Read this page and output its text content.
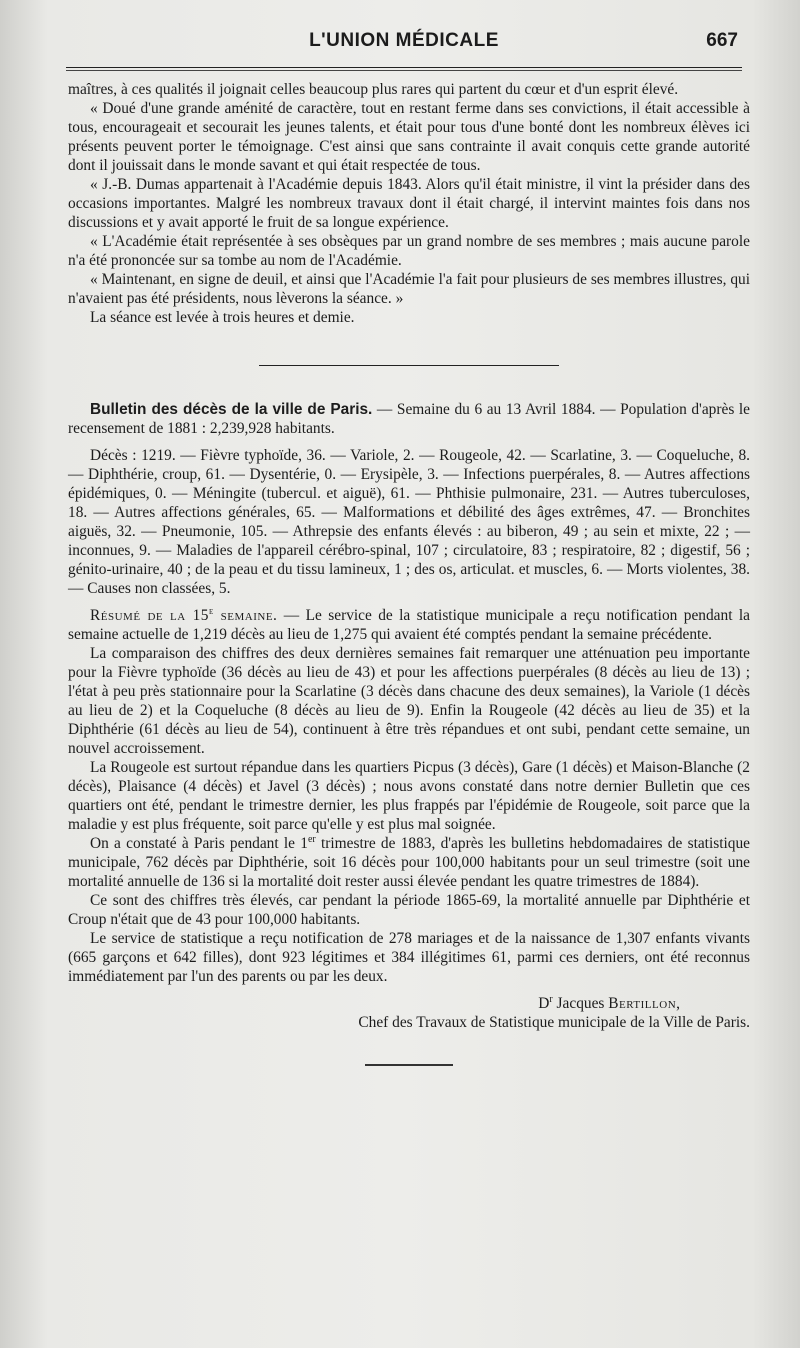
L'UNION MÉDICALE	667

maîtres, à ces qualités il joignait celles beaucoup plus rares qui partent du cœur et d'un esprit élevé.

« Doué d'une grande aménité de caractère, tout en restant ferme dans ses convictions, il était accessible à tous, encourageait et secourait les jeunes talents, et était pour tous d'une bonté dont les nombreux élèves ici présents peuvent porter le témoignage. C'est ainsi que sans contrainte il avait conquis cette grande autorité dont il jouissait dans le monde savant et qui était respectée de tous.

« J.-B. Dumas appartenait à l'Académie depuis 1843. Alors qu'il était ministre, il vint la présider dans des occasions importantes. Malgré les nombreux travaux dont il était chargé, il intervint maintes fois dans nos discussions et y avait apporté le fruit de sa longue expérience.

« L'Académie était représentée à ses obsèques par un grand nombre de ses membres ; mais aucune parole n'a été prononcée sur sa tombe au nom de l'Académie.

« Maintenant, en signe de deuil, et ainsi que l'Académie l'a fait pour plusieurs de ses membres illustres, qui n'avaient pas été présidents, nous lèverons la séance. »

La séance est levée à trois heures et demie.

Bulletin des décès de la ville de Paris. — Semaine du 6 au 13 Avril 1884. — Population d'après le recensement de 1881 : 2,239,928 habitants.

Décès : 1219. — Fièvre typhoïde, 36. — Variole, 2. — Rougeole, 42. — Scarlatine, 3. — Coqueluche, 8. — Diphthérie, croup, 61. — Dysentérie, 0. — Erysipèle, 3. — Infections puerpérales, 8. — Autres affections épidémiques, 0. — Méningite (tubercul. et aiguë), 61. — Phthisie pulmonaire, 231. — Autres tuberculoses, 18. — Autres affections générales, 65. — Malformations et débilité des âges extrêmes, 47. — Bronchites aiguës, 32. — Pneumonie, 105. — Athrepsie des enfants élevés : au biberon, 49 ; au sein et mixte, 22 ; — inconnues, 9. — Maladies de l'appareil cérébro-spinal, 107 ; circulatoire, 83 ; respiratoire, 82 ; digestif, 56 ; génito-urinaire, 40 ; de la peau et du tissu lamineux, 1 ; des os, articulat. et muscles, 6. — Morts violentes, 38. — Causes non classées, 5.

Résumé de la 15e semaine. — Le service de la statistique municipale a reçu notification pendant la semaine actuelle de 1,219 décès au lieu de 1,275 qui avaient été comptés pendant la semaine précédente.

La comparaison des chiffres des deux dernières semaines fait remarquer une atténuation peu importante pour la Fièvre typhoïde (36 décès au lieu de 43) et pour les affections puerpérales (8 décès au lieu de 13) ; l'état à peu près stationnaire pour la Scarlatine (3 décès dans chacune des deux semaines), la Variole (1 décès au lieu de 2) et la Coqueluche (8 décès au lieu de 9). Enfin la Rougeole (42 décès au lieu de 35) et la Diphthérie (61 décès au lieu de 54), continuent à être très répandues et ont subi, pendant cette semaine, un nouvel accroissement.

La Rougeole est surtout répandue dans les quartiers Picpus (3 décès), Gare (1 décès) et Maison-Blanche (2 décès), Plaisance (4 décès) et Javel (3 décès) ; nous avons constaté dans notre dernier Bulletin que ces quartiers ont été, pendant le trimestre dernier, les plus frappés par l'épidémie de Rougeole, soit parce que la maladie y est plus fréquente, soit parce qu'elle y est plus mal soignée.

On a constaté à Paris pendant le 1er trimestre de 1883, d'après les bulletins hebdomadaires de statistique municipale, 762 décès par Diphthérie, soit 16 décès pour 100,000 habitants pour un seul trimestre (soit une mortalité annuelle de 136 si la mortalité doit rester aussi élevée pendant les quatre trimestres de 1884).

Ce sont des chiffres très élevés, car pendant la période 1865-69, la mortalité annuelle par Diphthérie et Croup n'était que de 43 pour 100,000 habitants.

Le service de statistique a reçu notification de 278 mariages et de la naissance de 1,307 enfants vivants (665 garçons et 642 filles), dont 923 légitimes et 384 illégitimes 61, parmi ces derniers, ont été reconnus immédiatement par l'un des parents ou par les deux.

$D^r$ Jacques Bertillon,

Chef des Travaux de Statistique municipale de la Ville de Paris.
